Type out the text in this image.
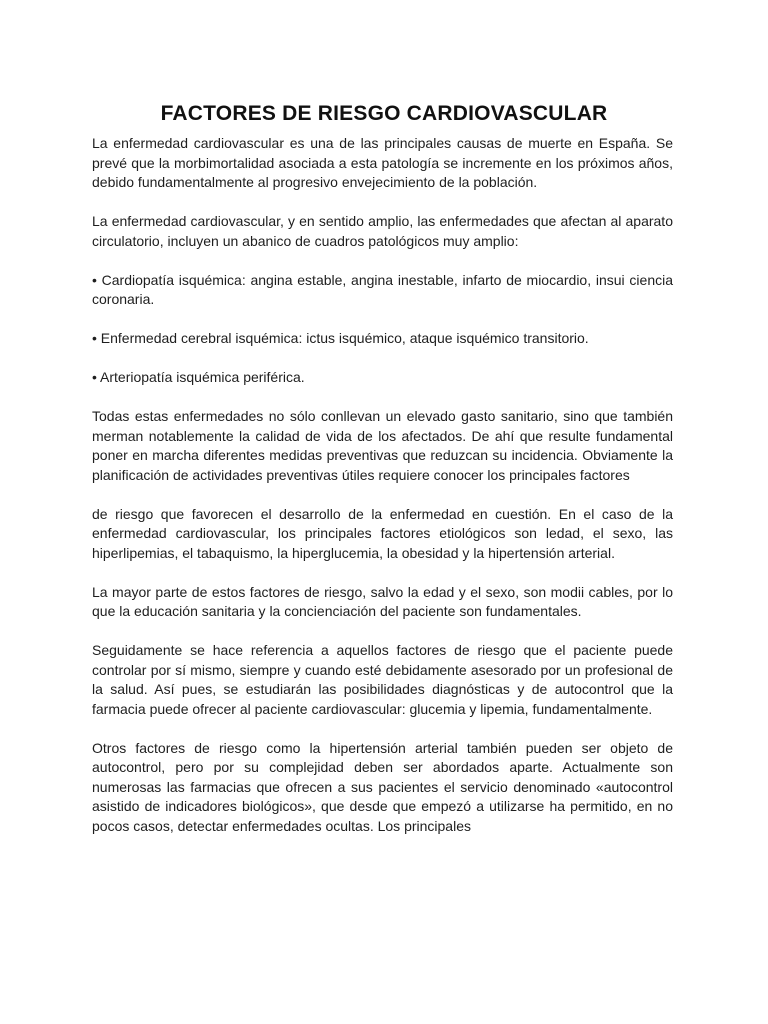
FACTORES DE RIESGO CARDIOVASCULAR

La enfermedad cardiovascular es una de las principales causas de muerte en España. Se prevé que la morbimortalidad asociada a esta patología se incremente en los próximos años, debido fundamentalmente al progresivo envejecimiento de la población.

La enfermedad cardiovascular, y en sentido amplio, las enfermedades que afectan al aparato circulatorio, incluyen un abanico de cuadros patológicos muy amplio:

• Cardiopatía isquémica: angina estable, angina inestable, infarto de miocardio, insui ciencia coronaria.

• Enfermedad cerebral isquémica: ictus isquémico, ataque isquémico transitorio.

• Arteriopatía isquémica periférica.

Todas estas enfermedades no sólo conllevan un elevado gasto sanitario, sino que también merman notablemente la calidad de vida de los afectados. De ahí que resulte fundamental poner en marcha diferentes medidas preventivas que reduzcan su incidencia. Obviamente la planificación de actividades preventivas útiles requiere conocer los principales factores

de riesgo que favorecen el desarrollo de la enfermedad en cuestión. En el caso de la enfermedad cardiovascular, los principales factores etiológicos son ledad, el sexo, las hiperlipemias, el tabaquismo, la hiperglucemia, la obesidad y la hipertensión arterial.

La mayor parte de estos factores de riesgo, salvo la edad y el sexo, son modii cables, por lo que la educación sanitaria y la concienciación del paciente son fundamentales.

Seguidamente se hace referencia a aquellos factores de riesgo que el paciente puede controlar por sí mismo, siempre y cuando esté debidamente asesorado por un profesional de la salud. Así pues, se estudiarán las posibilidades diagnósticas y de autocontrol que la farmacia puede ofrecer al paciente cardiovascular: glucemia y lipemia, fundamentalmente.

Otros factores de riesgo como la hipertensión arterial también pueden ser objeto de autocontrol, pero por su complejidad deben ser abordados aparte. Actualmente son numerosas las farmacias que ofrecen a sus pacientes el servicio denominado «autocontrol asistido de indicadores biológicos», que desde que empezó a utilizarse ha permitido, en no pocos casos, detectar enfermedades ocultas. Los principales
